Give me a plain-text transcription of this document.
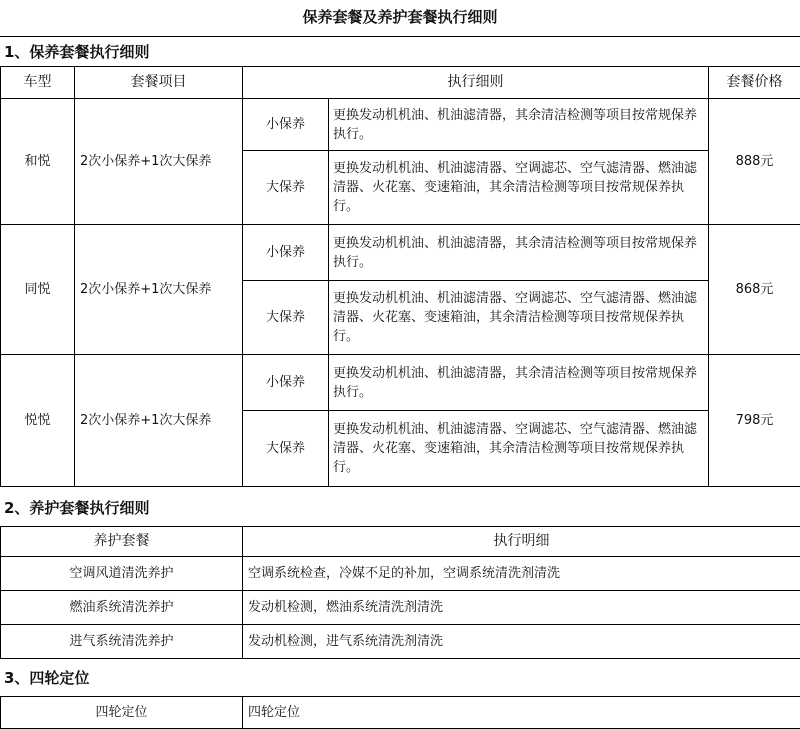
保养套餐及养护套餐执行细则
1、保养套餐执行细则
车型	套餐项目	执行细则		套餐价格
和悦	2次小保养+1次大保养	小保养	更换发动机机油、机油滤清器，其余清洁检测等项目按常规保养执行。	888元
		大保养	更换发动机机油、机油滤清器、空调滤芯、空气滤清器、燃油滤清器、火花塞、变速箱油，其余清洁检测等项目按常规保养执行。	
同悦	2次小保养+1次大保养	小保养	更换发动机机油、机油滤清器，其余清洁检测等项目按常规保养执行。	868元
		大保养	更换发动机机油、机油滤清器、空调滤芯、空气滤清器、燃油滤清器、火花塞、变速箱油，其余清洁检测等项目按常规保养执行。	
悦悦	2次小保养+1次大保养	小保养	更换发动机机油、机油滤清器，其余清洁检测等项目按常规保养执行。	798元
		大保养	更换发动机机油、机油滤清器、空调滤芯、空气滤清器、燃油滤清器、火花塞、变速箱油，其余清洁检测等项目按常规保养执行。	
2、养护套餐执行细则
养护套餐	执行明细
空调风道清洗养护	空调系统检查，冷媒不足的补加，空调系统清洗剂清洗
燃油系统清洗养护	发动机检测，燃油系统清洗剂清洗
进气系统清洗养护	发动机检测，进气系统清洗剂清洗
3、四轮定位
四轮定位	四轮定位
